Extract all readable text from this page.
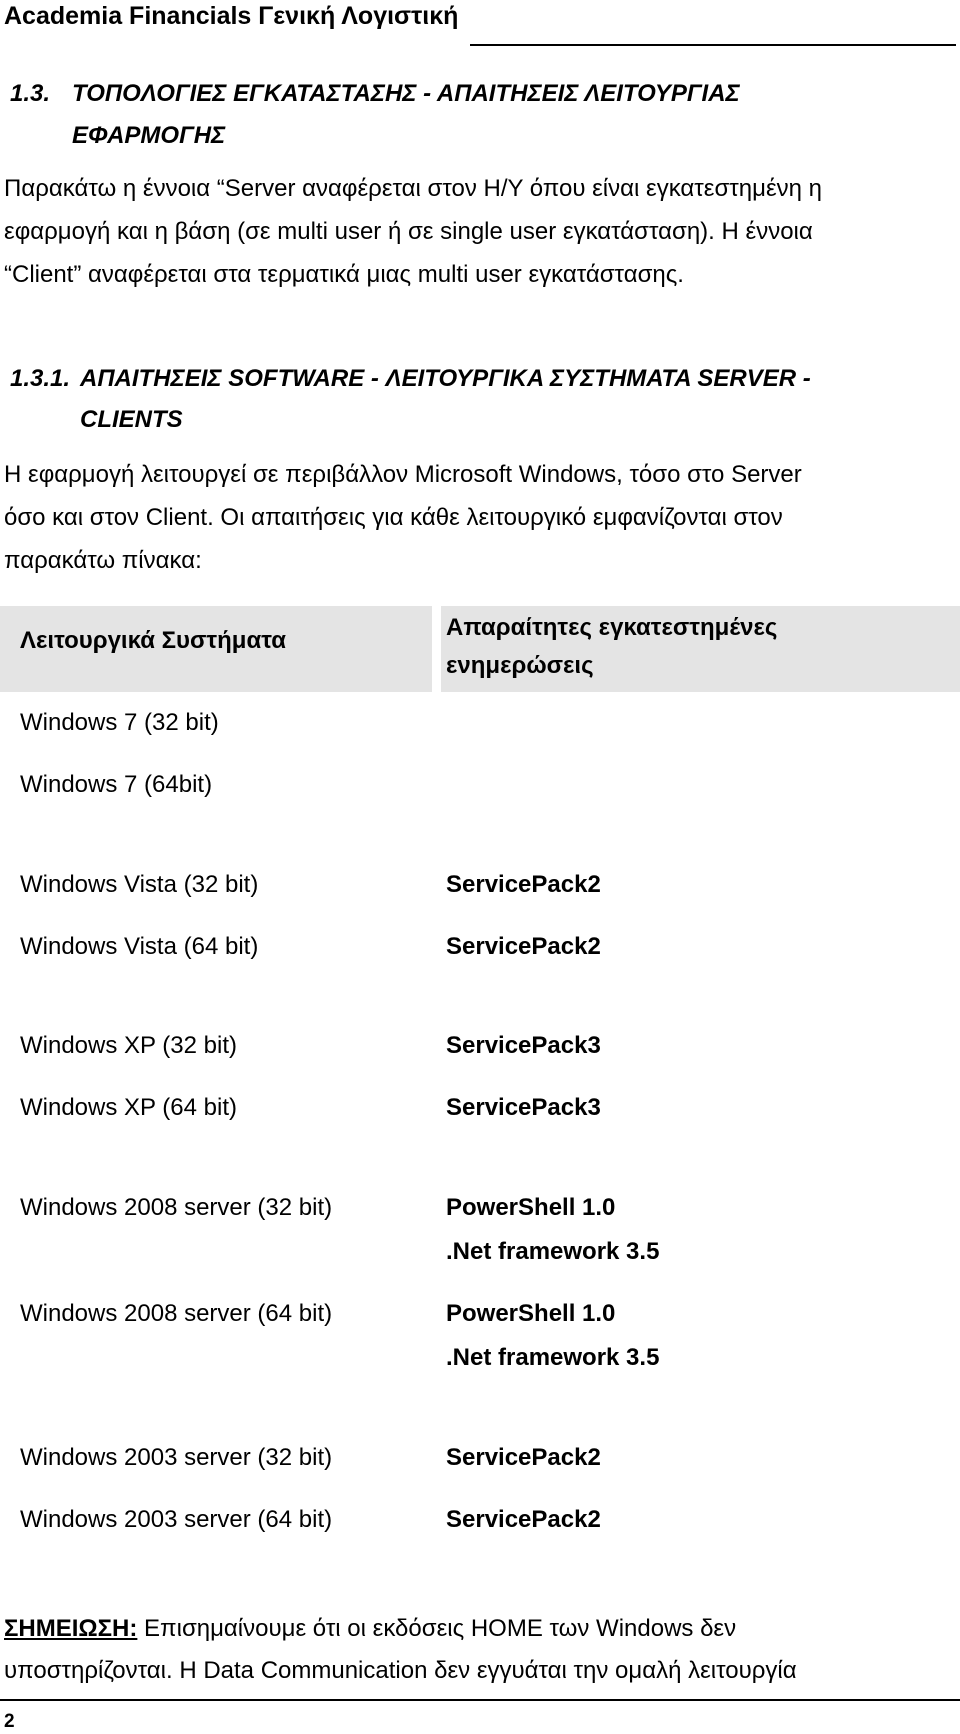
Academia Financials Γενική Λογιστική
1.3. ΤΟΠΟΛΟΓΙΕΣ ΕΓΚΑΤΑΣΤΑΣΗΣ - ΑΠΑΙΤΗΣΕΙΣ ΛΕΙΤΟΥΡΓΙΑΣ
ΕΦΑΡΜΟΓΗΣ
Παρακάτω η έννοια “Server αναφέρεται στον Η/Υ όπου είναι εγκατεστημένη η
εφαρμογή και η βάση (σε multi user ή σε single user εγκατάσταση). Η έννοια
“Client” αναφέρεται στα τερματικά μιας multi user εγκατάστασης.
1.3.1. ΑΠΑΙΤΗΣΕΙΣ SOFTWARE - ΛΕΙΤΟΥΡΓΙΚΑ ΣΥΣΤΗΜΑΤΑ SERVER -
CLIENTS
Η εφαρμογή λειτουργεί σε περιβάλλον Microsoft Windows, τόσο στο Server
όσο και στον Client. Οι απαιτήσεις για κάθε λειτουργικό εμφανίζονται στον
παρακάτω πίνακα:
Λειτουργικά Συστήματα	Απαραίτητες εγκατεστημένες
ενημερώσεις
Windows 7 (32 bit)
Windows 7 (64bit)
Windows Vista (32 bit)	ServicePack2
Windows Vista (64 bit)	ServicePack2
Windows XP (32 bit)	ServicePack3
Windows XP (64 bit)	ServicePack3
Windows 2008 server (32 bit)	PowerShell 1.0
.Net framework 3.5
Windows 2008 server (64 bit)	PowerShell 1.0
.Net framework 3.5
Windows 2003 server (32 bit)	ServicePack2
Windows 2003 server (64 bit)	ServicePack2
ΣΗΜΕΙΩΣΗ: Επισημαίνουμε ότι οι εκδόσεις HOME των Windows δεν
υποστηρίζονται. Η Data Communication δεν εγγυάται την ομαλή λειτουργία
2
